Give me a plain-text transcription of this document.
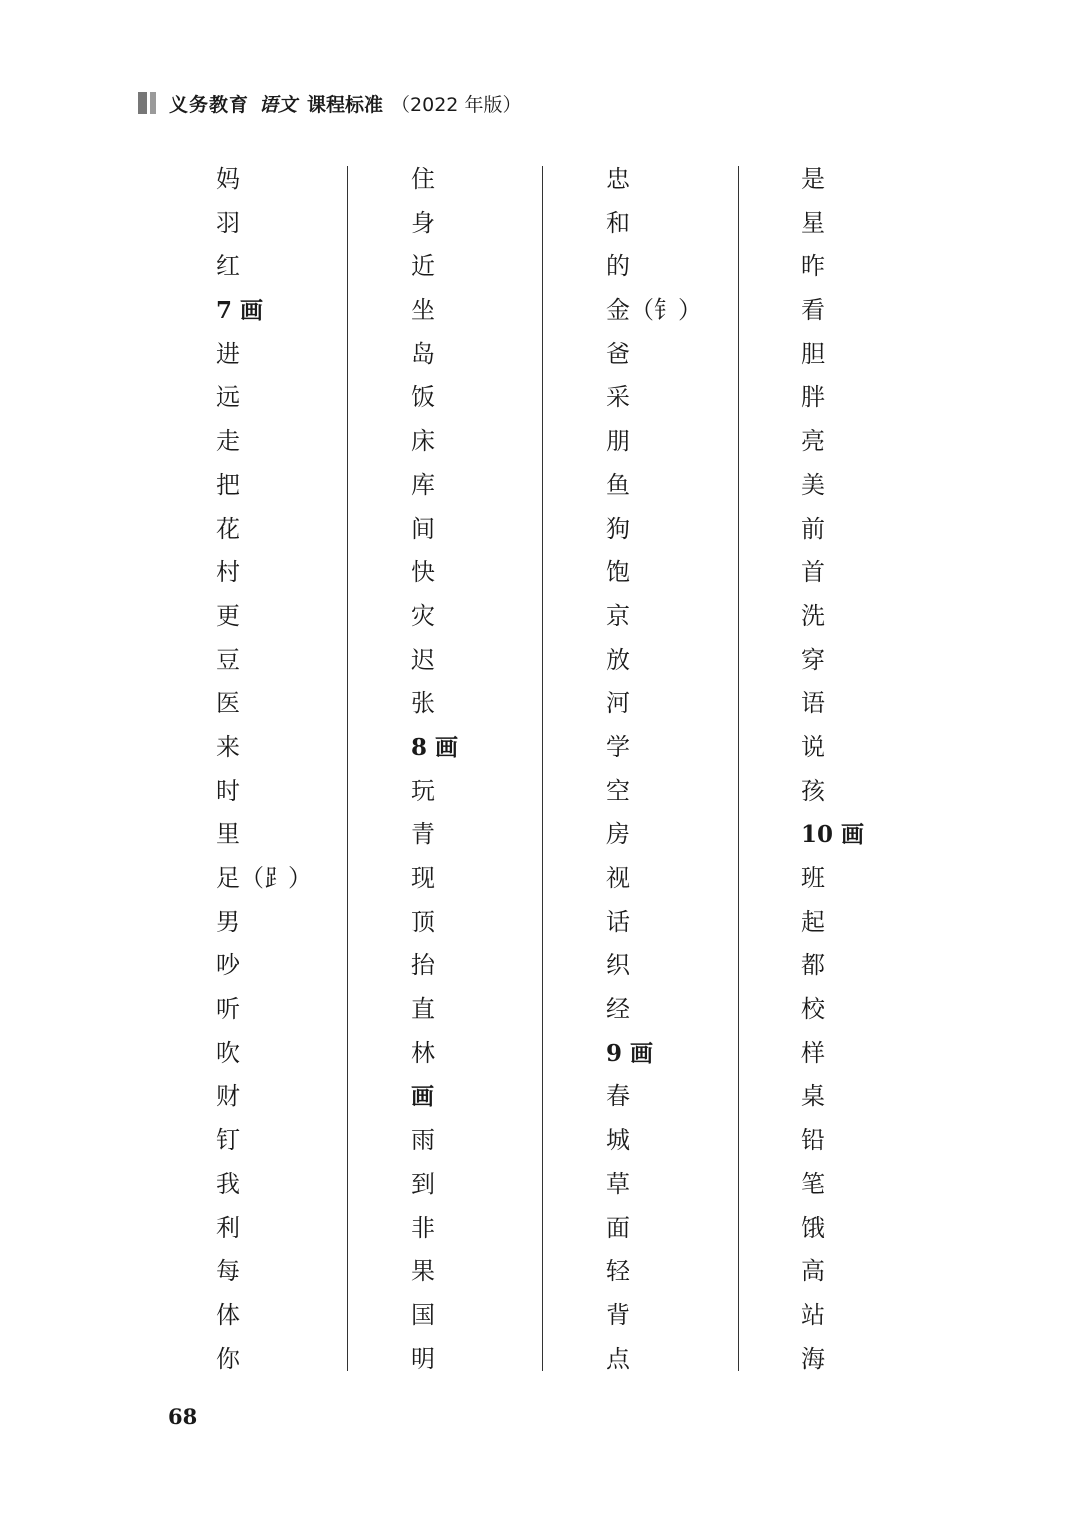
义务教育 语文 课程标准 （2022 年版）
妈
羽
红
7 画
进
远
走
把
花
村
更
豆
医
来
时
里
足（⻊）
男
吵
听
吹
财
钉
我
利
每
体
你
住
身
近
坐
岛
饭
床
库
间
快
灾
迟
张
8 画
玩
青
现
顶
抬
直
林
画
雨
到
非
果
国
明
忠
和
的
金（钅）
爸
采
朋
鱼
狗
饱
京
放
河
学
空
房
视
话
织
经
9 画
春
城
草
面
轻
背
点
是
星
昨
看
胆
胖
亮
美
前
首
洗
穿
语
说
孩
10 画
班
起
都
校
样
桌
铅
笔
饿
高
站
海
68
